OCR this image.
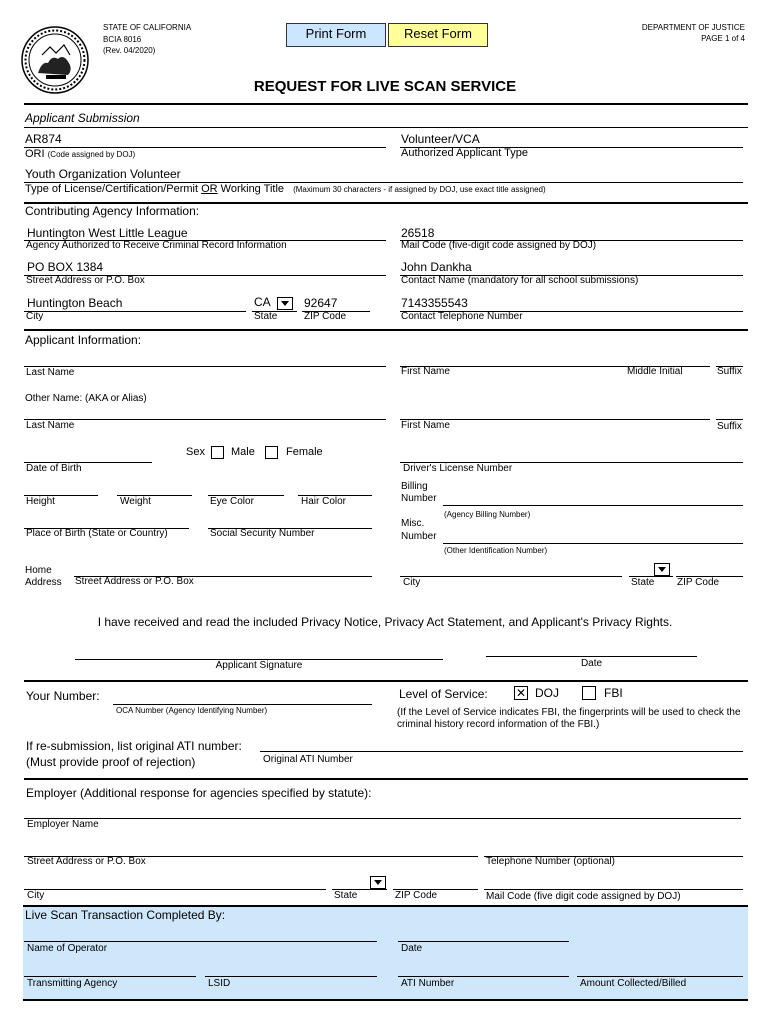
STATE OF CALIFORNIA
BCIA 8016
(Rev. 04/2020)
Print Form	Reset Form	DEPARTMENT OF JUSTICE
PAGE 1 of 4
REQUEST FOR LIVE SCAN SERVICE
Applicant Submission
AR874
ORI (Code assigned by DOJ)
Volunteer/VCA
Authorized Applicant Type
Youth Organization Volunteer
Type of License/Certification/Permit OR Working Title (Maximum 30 characters - if assigned by DOJ, use exact title assigned)
Contributing Agency Information:
Huntington West Little League
Agency Authorized to Receive Criminal Record Information
26518
Mail Code (five-digit code assigned by DOJ)
PO BOX 1384
Street Address or P.O. Box
John Dankha
Contact Name (mandatory for all school submissions)
Huntington Beach
City
CA
State
92647
ZIP Code
7143355543
Contact Telephone Number
Applicant Information:
Last Name	First Name	Middle Initial	Suffix
Other Name: (AKA or Alias)
Last Name	First Name	Suffix
Sex Male	Female
Date of Birth	Driver's License Number
Height	Weight	Eye Color	Hair Color
Billing
Number
(Agency Billing Number)
Place of Birth (State or Country)	Social Security Number
Misc.
Number
(Other Identification Number)
Home
Address Street Address or P.O. Box	City	State ZIP Code
I have received and read the included Privacy Notice, Privacy Act Statement, and Applicant's Privacy Rights.
Applicant Signature	Date
Your Number:
OCA Number (Agency Identifying Number)
Level of Service: ✕ DOJ	FBI
(If the Level of Service indicates FBI, the fingerprints will be used to check the
criminal history record information of the FBI.)
If re-submission, list original ATI number:
(Must provide proof of rejection)	Original ATI Number
Employer (Additional response for agencies specified by statute):
Employer Name
Street Address or P.O. Box	Telephone Number (optional)
City	State	ZIP Code	Mail Code (five digit code assigned by DOJ)
Live Scan Transaction Completed By:
Name of Operator	Date
Transmitting Agency	LSID	ATI Number	Amount Collected/Billed
